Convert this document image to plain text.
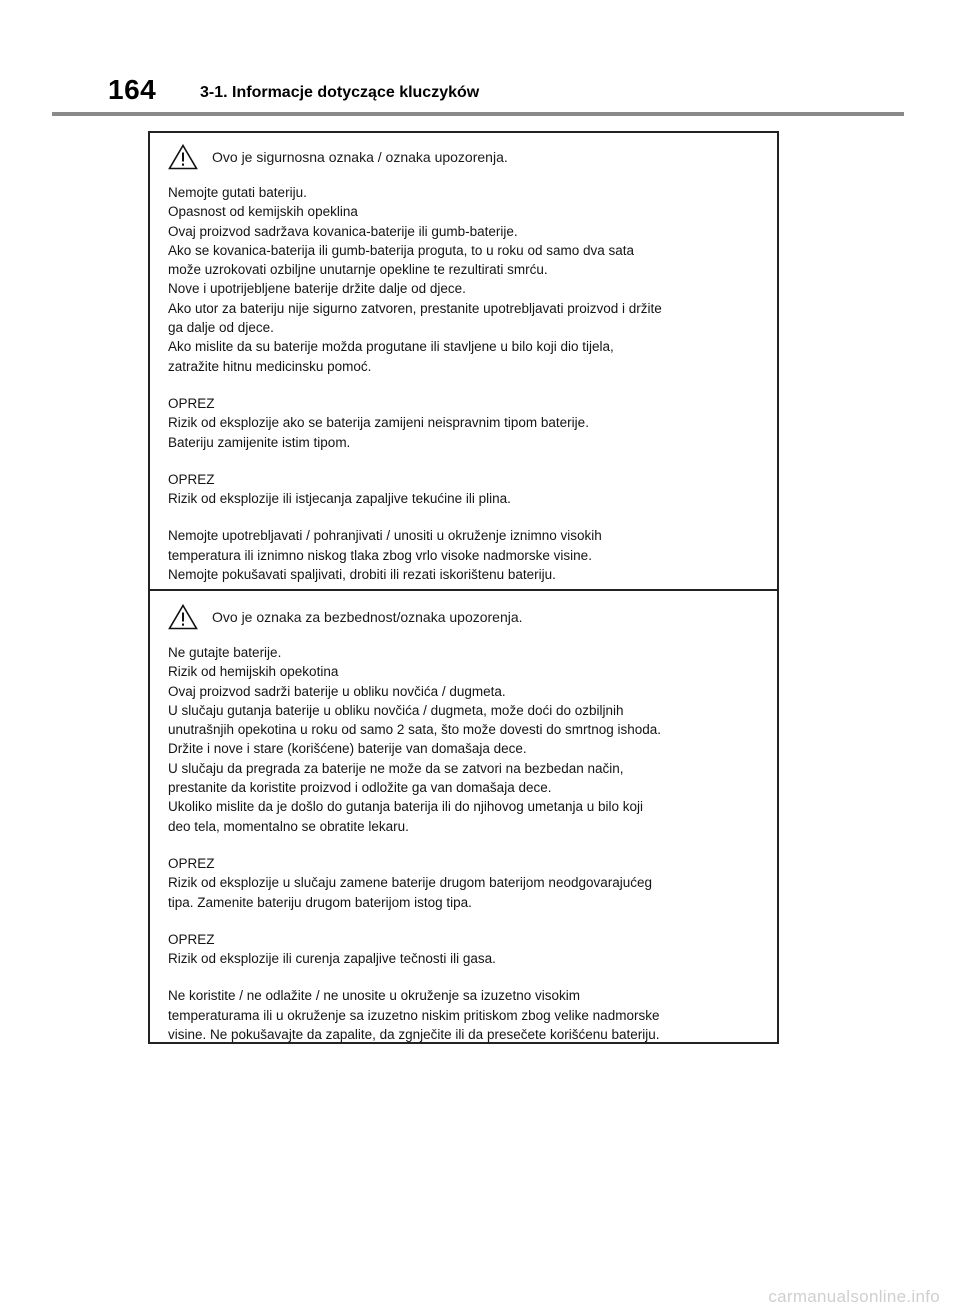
164	3-1. Informacje dotyczące kluczyków
Ovo je sigurnosna oznaka / oznaka upozorenja.

Nemojte gutati bateriju.

Opasnost od kemijskih opeklina

Ovaj proizvod sadržava kovanica-baterije ili gumb-baterije.

Ako se kovanica-baterija ili gumb-baterija proguta, to u roku od samo dva sata

može uzrokovati ozbiljne unutarnje opekline te rezultirati smrću.

Nove i upotrijebljene baterije držite dalje od djece.

Ako utor za bateriju nije sigurno zatvoren, prestanite upotrebljavati proizvod i držite

ga dalje od djece.

Ako mislite da su baterije možda progutane ili stavljene u bilo koji dio tijela,

zatražite hitnu medicinsku pomoć.

OPREZ

Rizik od eksplozije ako se baterija zamijeni neispravnim tipom baterije.

Bateriju zamijenite istim tipom.

OPREZ

Rizik od eksplozije ili istjecanja zapaljive tekućine ili plina.

Nemojte upotrebljavati / pohranjivati / unositi u okruženje iznimno visokih

temperatura ili iznimno niskog tlaka zbog vrlo visoke nadmorske visine.

Nemojte pokušavati spaljivati, drobiti ili rezati iskorištenu bateriju.

Ovo je oznaka za bezbednost/oznaka upozorenja.

Ne gutajte baterije.

Rizik od hemijskih opekotina

Ovaj proizvod sadrži baterije u obliku novčića / dugmeta.

U slučaju gutanja baterije u obliku novčića / dugmeta, može doći do ozbiljnih

unutrašnjih opekotina u roku od samo 2 sata, što može dovesti do smrtnog ishoda.

Držite i nove i stare (korišćene) baterije van domašaja dece.

U slučaju da pregrada za baterije ne može da se zatvori na bezbedan način,

prestanite da koristite proizvod i odložite ga van domašaja dece.

Ukoliko mislite da je došlo do gutanja baterija ili do njihovog umetanja u bilo koji

deo tela, momentalno se obratite lekaru.

OPREZ

Rizik od eksplozije u slučaju zamene baterije drugom baterijom neodgovarajućeg

tipa. Zamenite bateriju drugom baterijom istog tipa.

OPREZ

Rizik od eksplozije ili curenja zapaljive tečnosti ili gasa.

Ne koristite / ne odlažite / ne unosite u okruženje sa izuzetno visokim

temperaturama ili u okruženje sa izuzetno niskim pritiskom zbog velike nadmorske

visine. Ne pokušavajte da zapalite, da zgnječite ili da presečete korišćenu bateriju.

carmanualsonline.info
